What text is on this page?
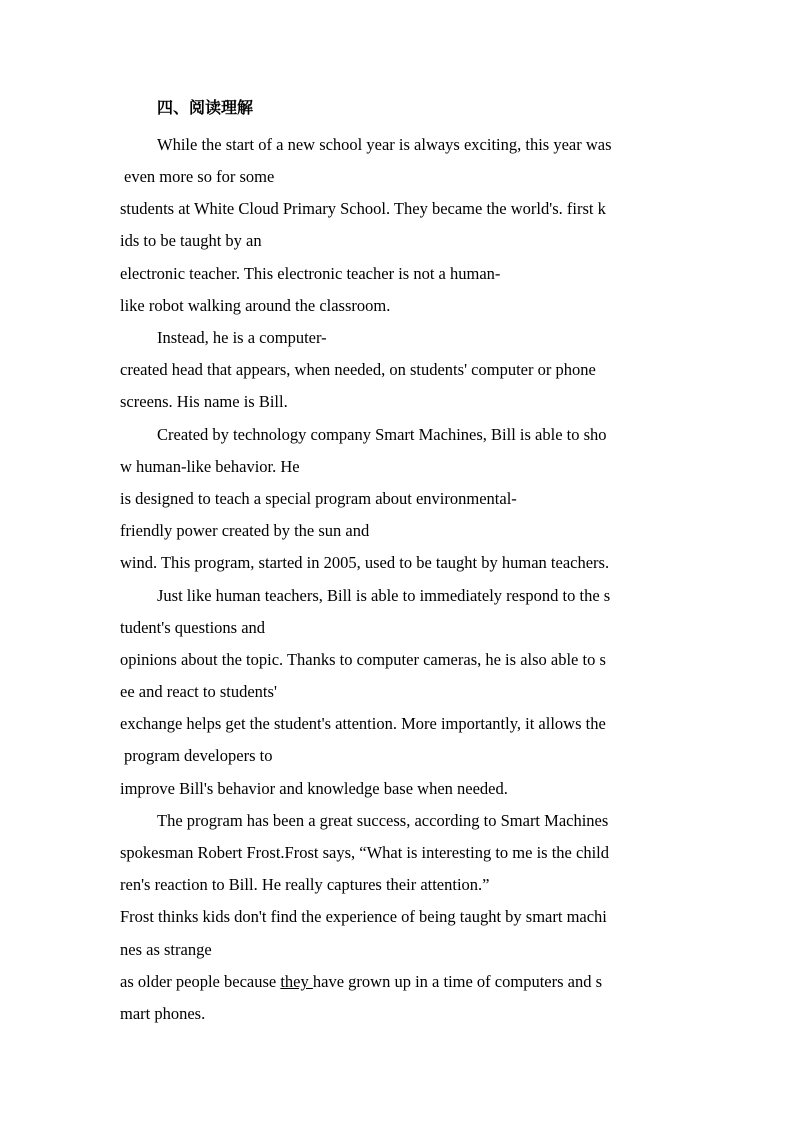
四、阅读理解
While the start of a new school year is always exciting, this year was
even more so for some
students at White Cloud Primary School. They became the world's. first k
ids to be taught by an
electronic teacher. This electronic teacher is not a human-
like robot walking around the classroom.
Instead, he is a computer-
created head that appears, when needed, on students' computer or phone
screens. His name is Bill.
Created by technology company Smart Machines, Bill is able to sho
w human-like behavior. He
is designed to teach a special program about environmental-
friendly power created by the sun and
wind. This program, started in 2005, used to be taught by human teachers.
Just like human teachers, Bill is able to immediately respond to the s
tudent's questions and
opinions about the topic. Thanks to computer cameras, he is also able to s
ee and react to students'
exchange helps get the student's attention. More importantly, it allows the
program developers to
improve Bill's behavior and knowledge base when needed.
The program has been a great success, according to Smart Machines
spokesman Robert Frost.Frost says, “What is interesting to me is the child
ren's reaction to Bill. He really captures their attention.”
Frost thinks kids don't find the experience of being taught by smart machi
nes as strange
as older people because they have grown up in a time of computers and s
mart phones.
